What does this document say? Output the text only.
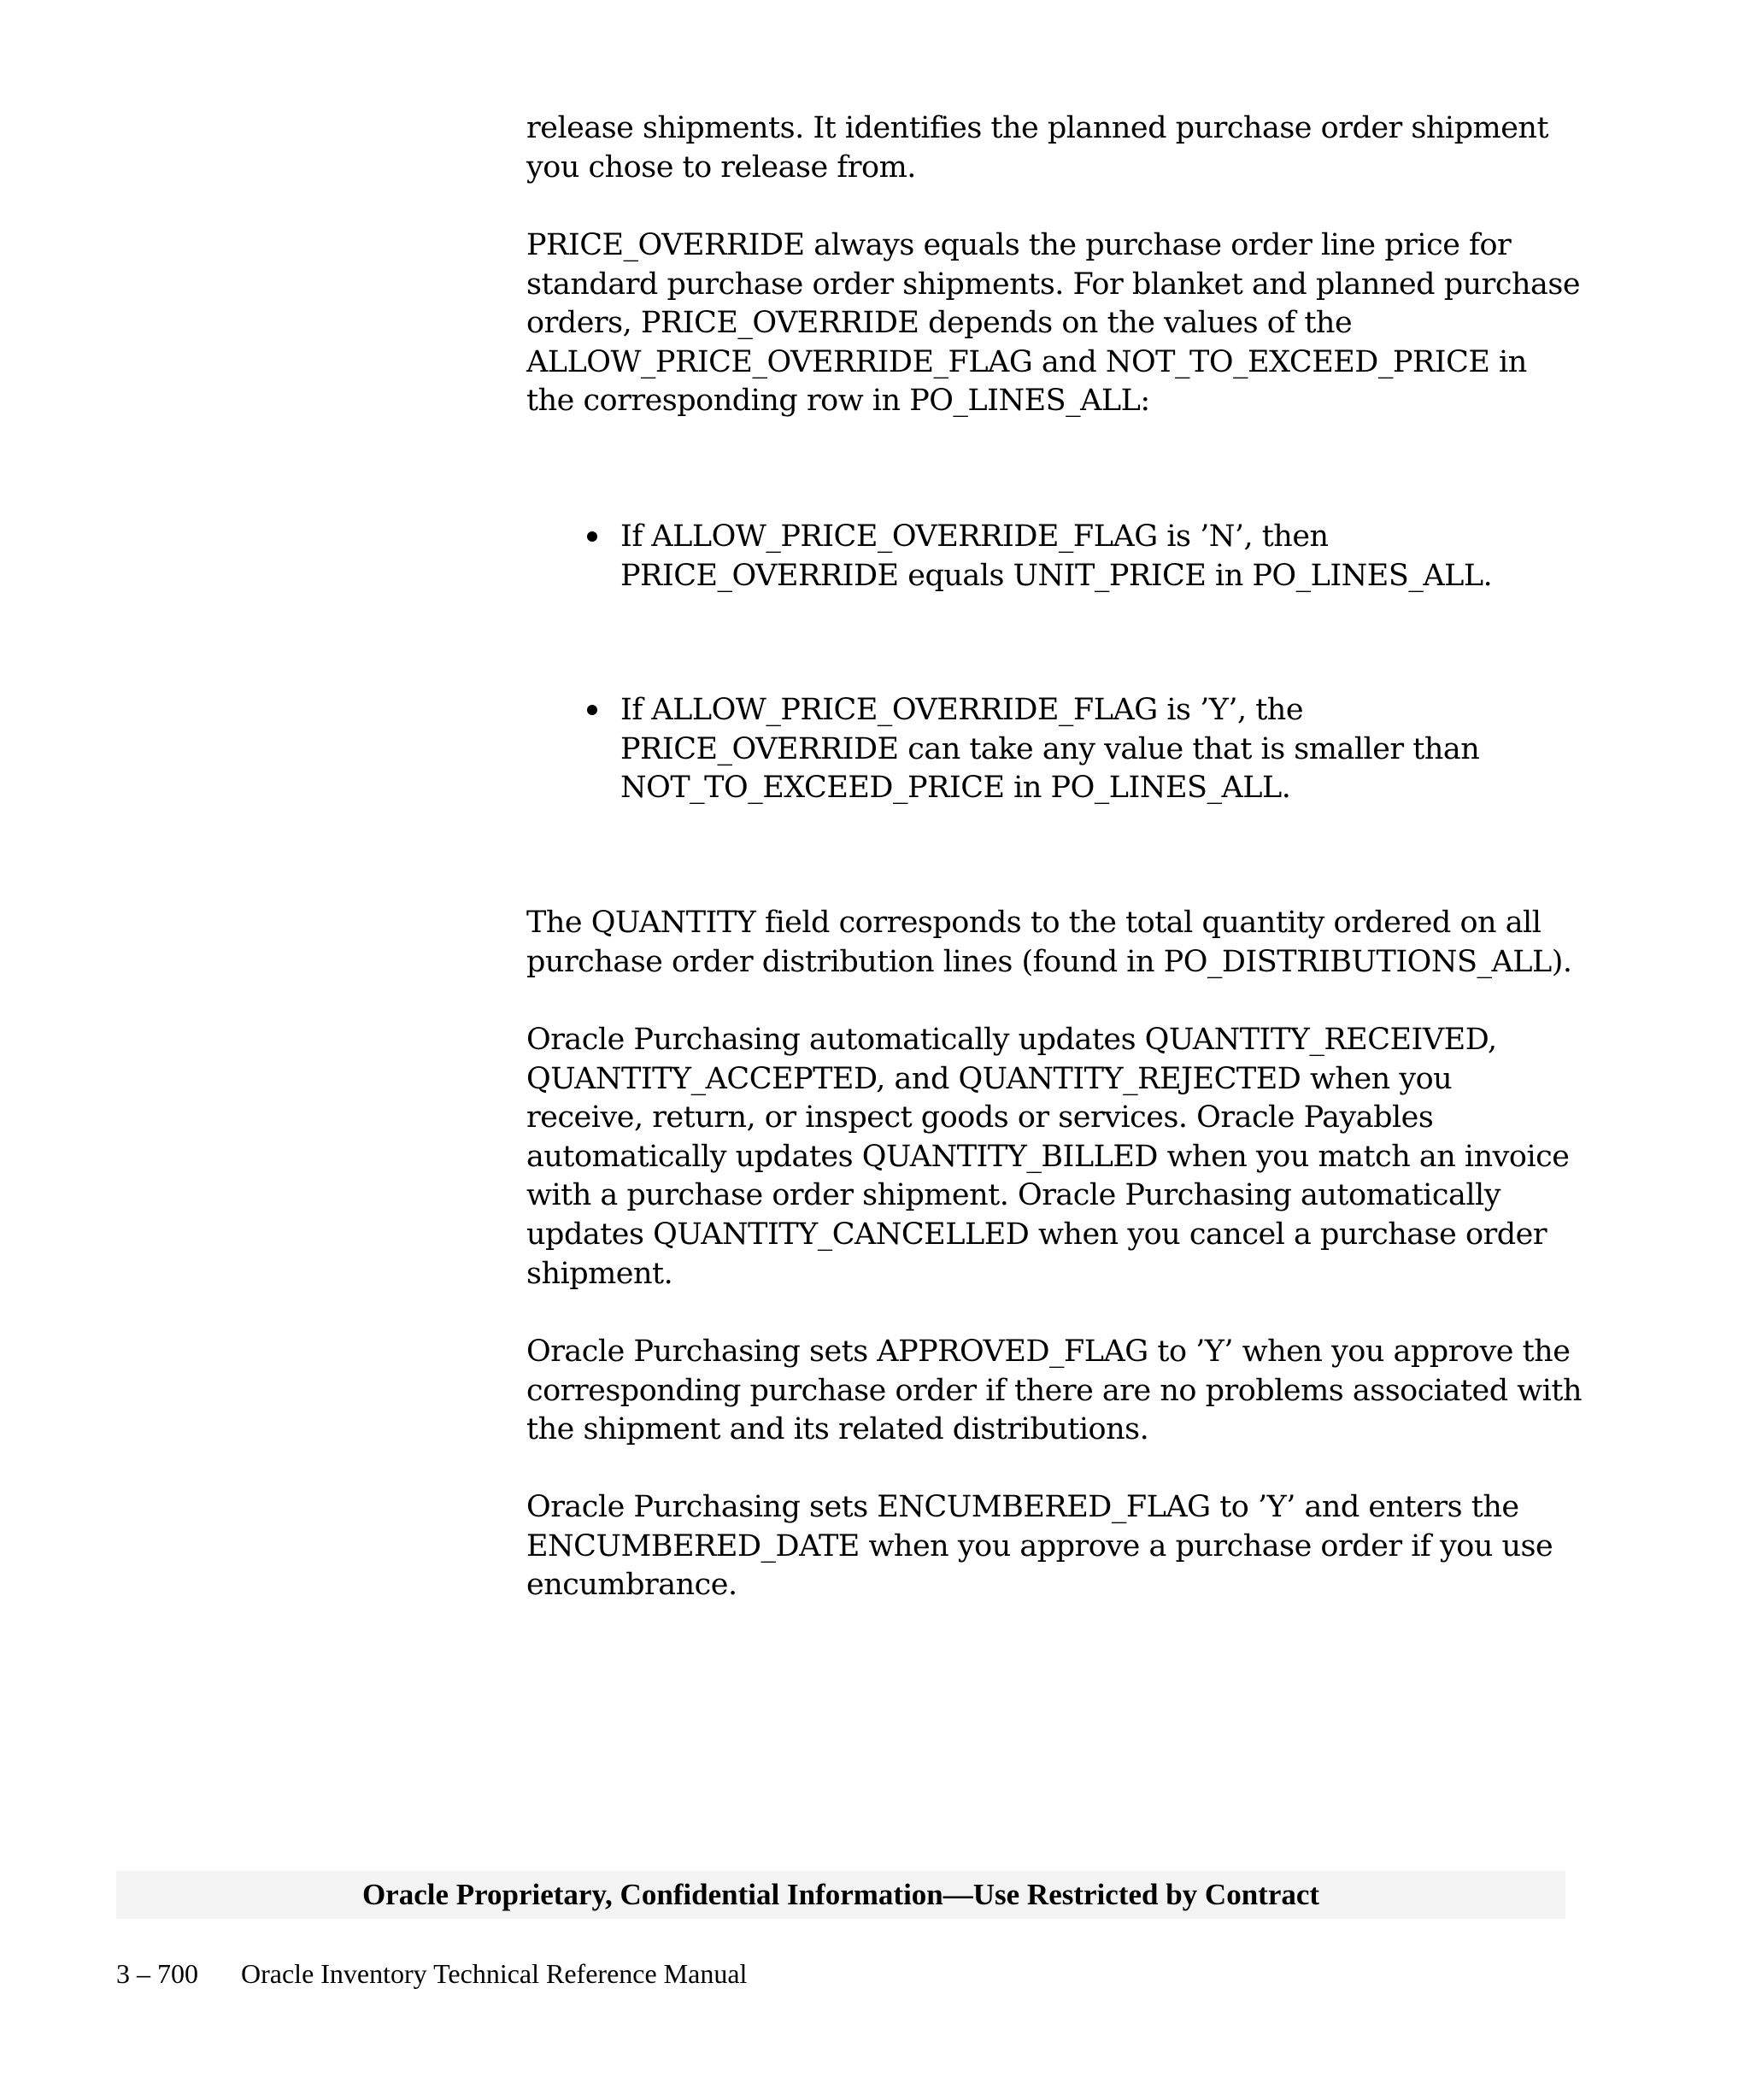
release shipments. It identifies the planned purchase order shipment
you chose to release from.

PRICE_OVERRIDE always equals the purchase order line price for
standard purchase order shipments. For blanket and planned purchase
orders, PRICE_OVERRIDE depends on the values of the
ALLOW_PRICE_OVERRIDE_FLAG and NOT_TO_EXCEED_PRICE in
the corresponding row in PO_LINES_ALL:

If ALLOW_PRICE_OVERRIDE_FLAG is ’N’, then
PRICE_OVERRIDE equals UNIT_PRICE in PO_LINES_ALL.
If ALLOW_PRICE_OVERRIDE_FLAG is ’Y’, the
PRICE_OVERRIDE can take any value that is smaller than
NOT_TO_EXCEED_PRICE in PO_LINES_ALL.

The QUANTITY field corresponds to the total quantity ordered on all
purchase order distribution lines (found in PO_DISTRIBUTIONS_ALL).

Oracle Purchasing automatically updates QUANTITY_RECEIVED,
QUANTITY_ACCEPTED, and QUANTITY_REJECTED when you
receive, return, or inspect goods or services. Oracle Payables
automatically updates QUANTITY_BILLED when you match an invoice
with a purchase order shipment. Oracle Purchasing automatically
updates QUANTITY_CANCELLED when you cancel a purchase order
shipment.

Oracle Purchasing sets APPROVED_FLAG to ’Y’ when you approve the
corresponding purchase order if there are no problems associated with
the shipment and its related distributions.

Oracle Purchasing sets ENCUMBERED_FLAG to ’Y’ and enters the
ENCUMBERED_DATE when you approve a purchase order if you use
encumbrance.

Oracle Proprietary, Confidential Information––Use Restricted by Contract

3 – 700 Oracle Inventory Technical Reference Manual
